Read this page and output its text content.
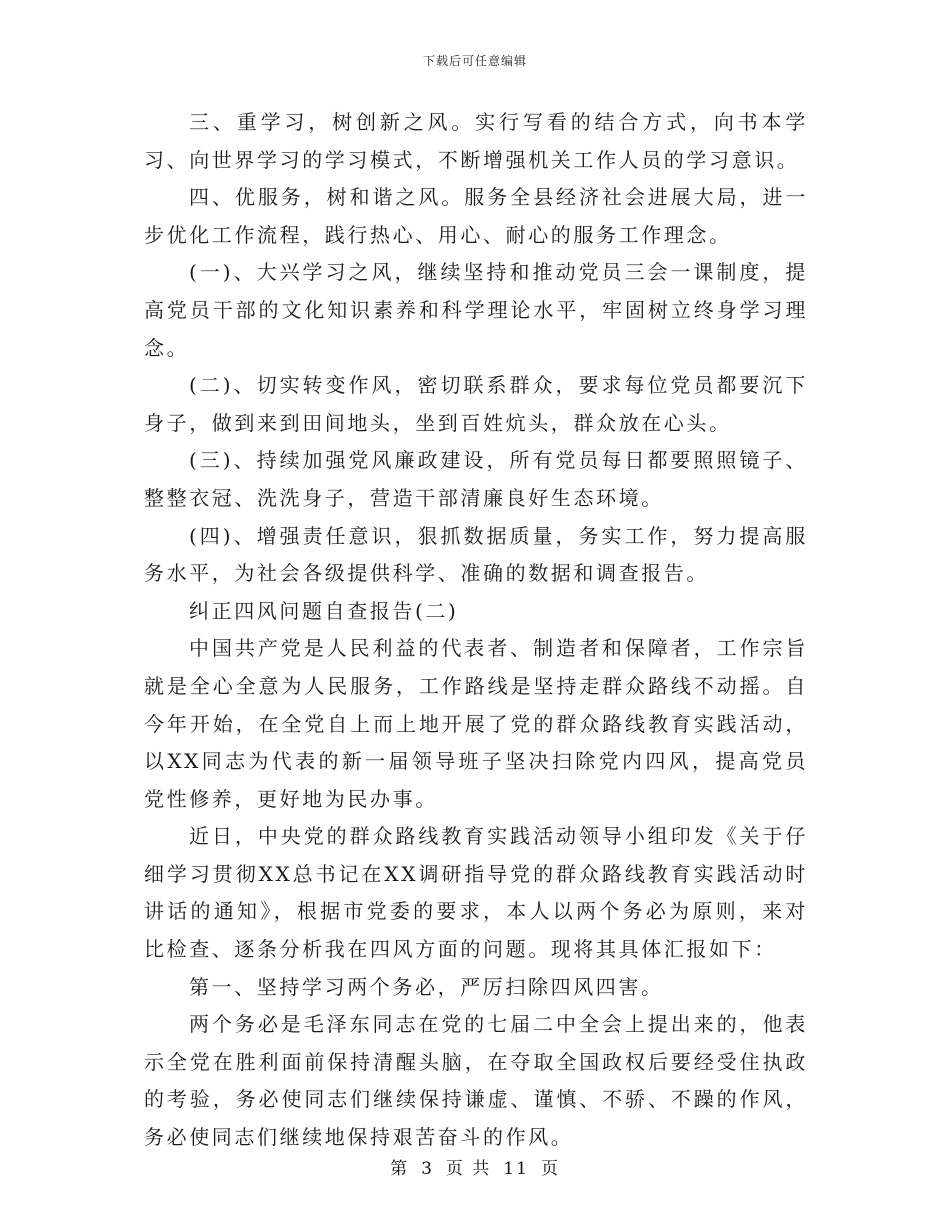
下载后可任意编辑

三、重学习，树创新之风。实行写看的结合方式，向书本学习、向世界学习的学习模式，不断增强机关工作人员的学习意识。

四、优服务，树和谐之风。服务全县经济社会进展大局，进一步优化工作流程，践行热心、用心、耐心的服务工作理念。

(一)、大兴学习之风，继续坚持和推动党员三会一课制度，提高党员干部的文化知识素养和科学理论水平，牢固树立终身学习理念。

(二)、切实转变作风，密切联系群众，要求每位党员都要沉下身子，做到来到田间地头，坐到百姓炕头，群众放在心头。

(三)、持续加强党风廉政建设，所有党员每日都要照照镜子、整整衣冠、洗洗身子，营造干部清廉良好生态环境。

(四)、增强责任意识，狠抓数据质量，务实工作，努力提高服务水平，为社会各级提供科学、准确的数据和调查报告。

纠正四风问题自查报告(二)

中国共产党是人民利益的代表者、制造者和保障者，工作宗旨就是全心全意为人民服务，工作路线是坚持走群众路线不动摇。自今年开始，在全党自上而上地开展了党的群众路线教育实践活动，以XX同志为代表的新一届领导班子坚决扫除党内四风，提高党员党性修养，更好地为民办事。

近日，中央党的群众路线教育实践活动领导小组印发《关于仔细学习贯彻XX总书记在XX调研指导党的群众路线教育实践活动时讲话的通知》，根据市党委的要求，本人以两个务必为原则，来对比检查、逐条分析我在四风方面的问题。现将其具体汇报如下：

第一、坚持学习两个务必，严厉扫除四风四害。

两个务必是毛泽东同志在党的七届二中全会上提出来的，他表示全党在胜利面前保持清醒头脑，在夺取全国政权后要经受住执政的考验，务必使同志们继续保持谦虚、谨慎、不骄、不躁的作风，务必使同志们继续地保持艰苦奋斗的作风。

第 3 页 共 11 页
